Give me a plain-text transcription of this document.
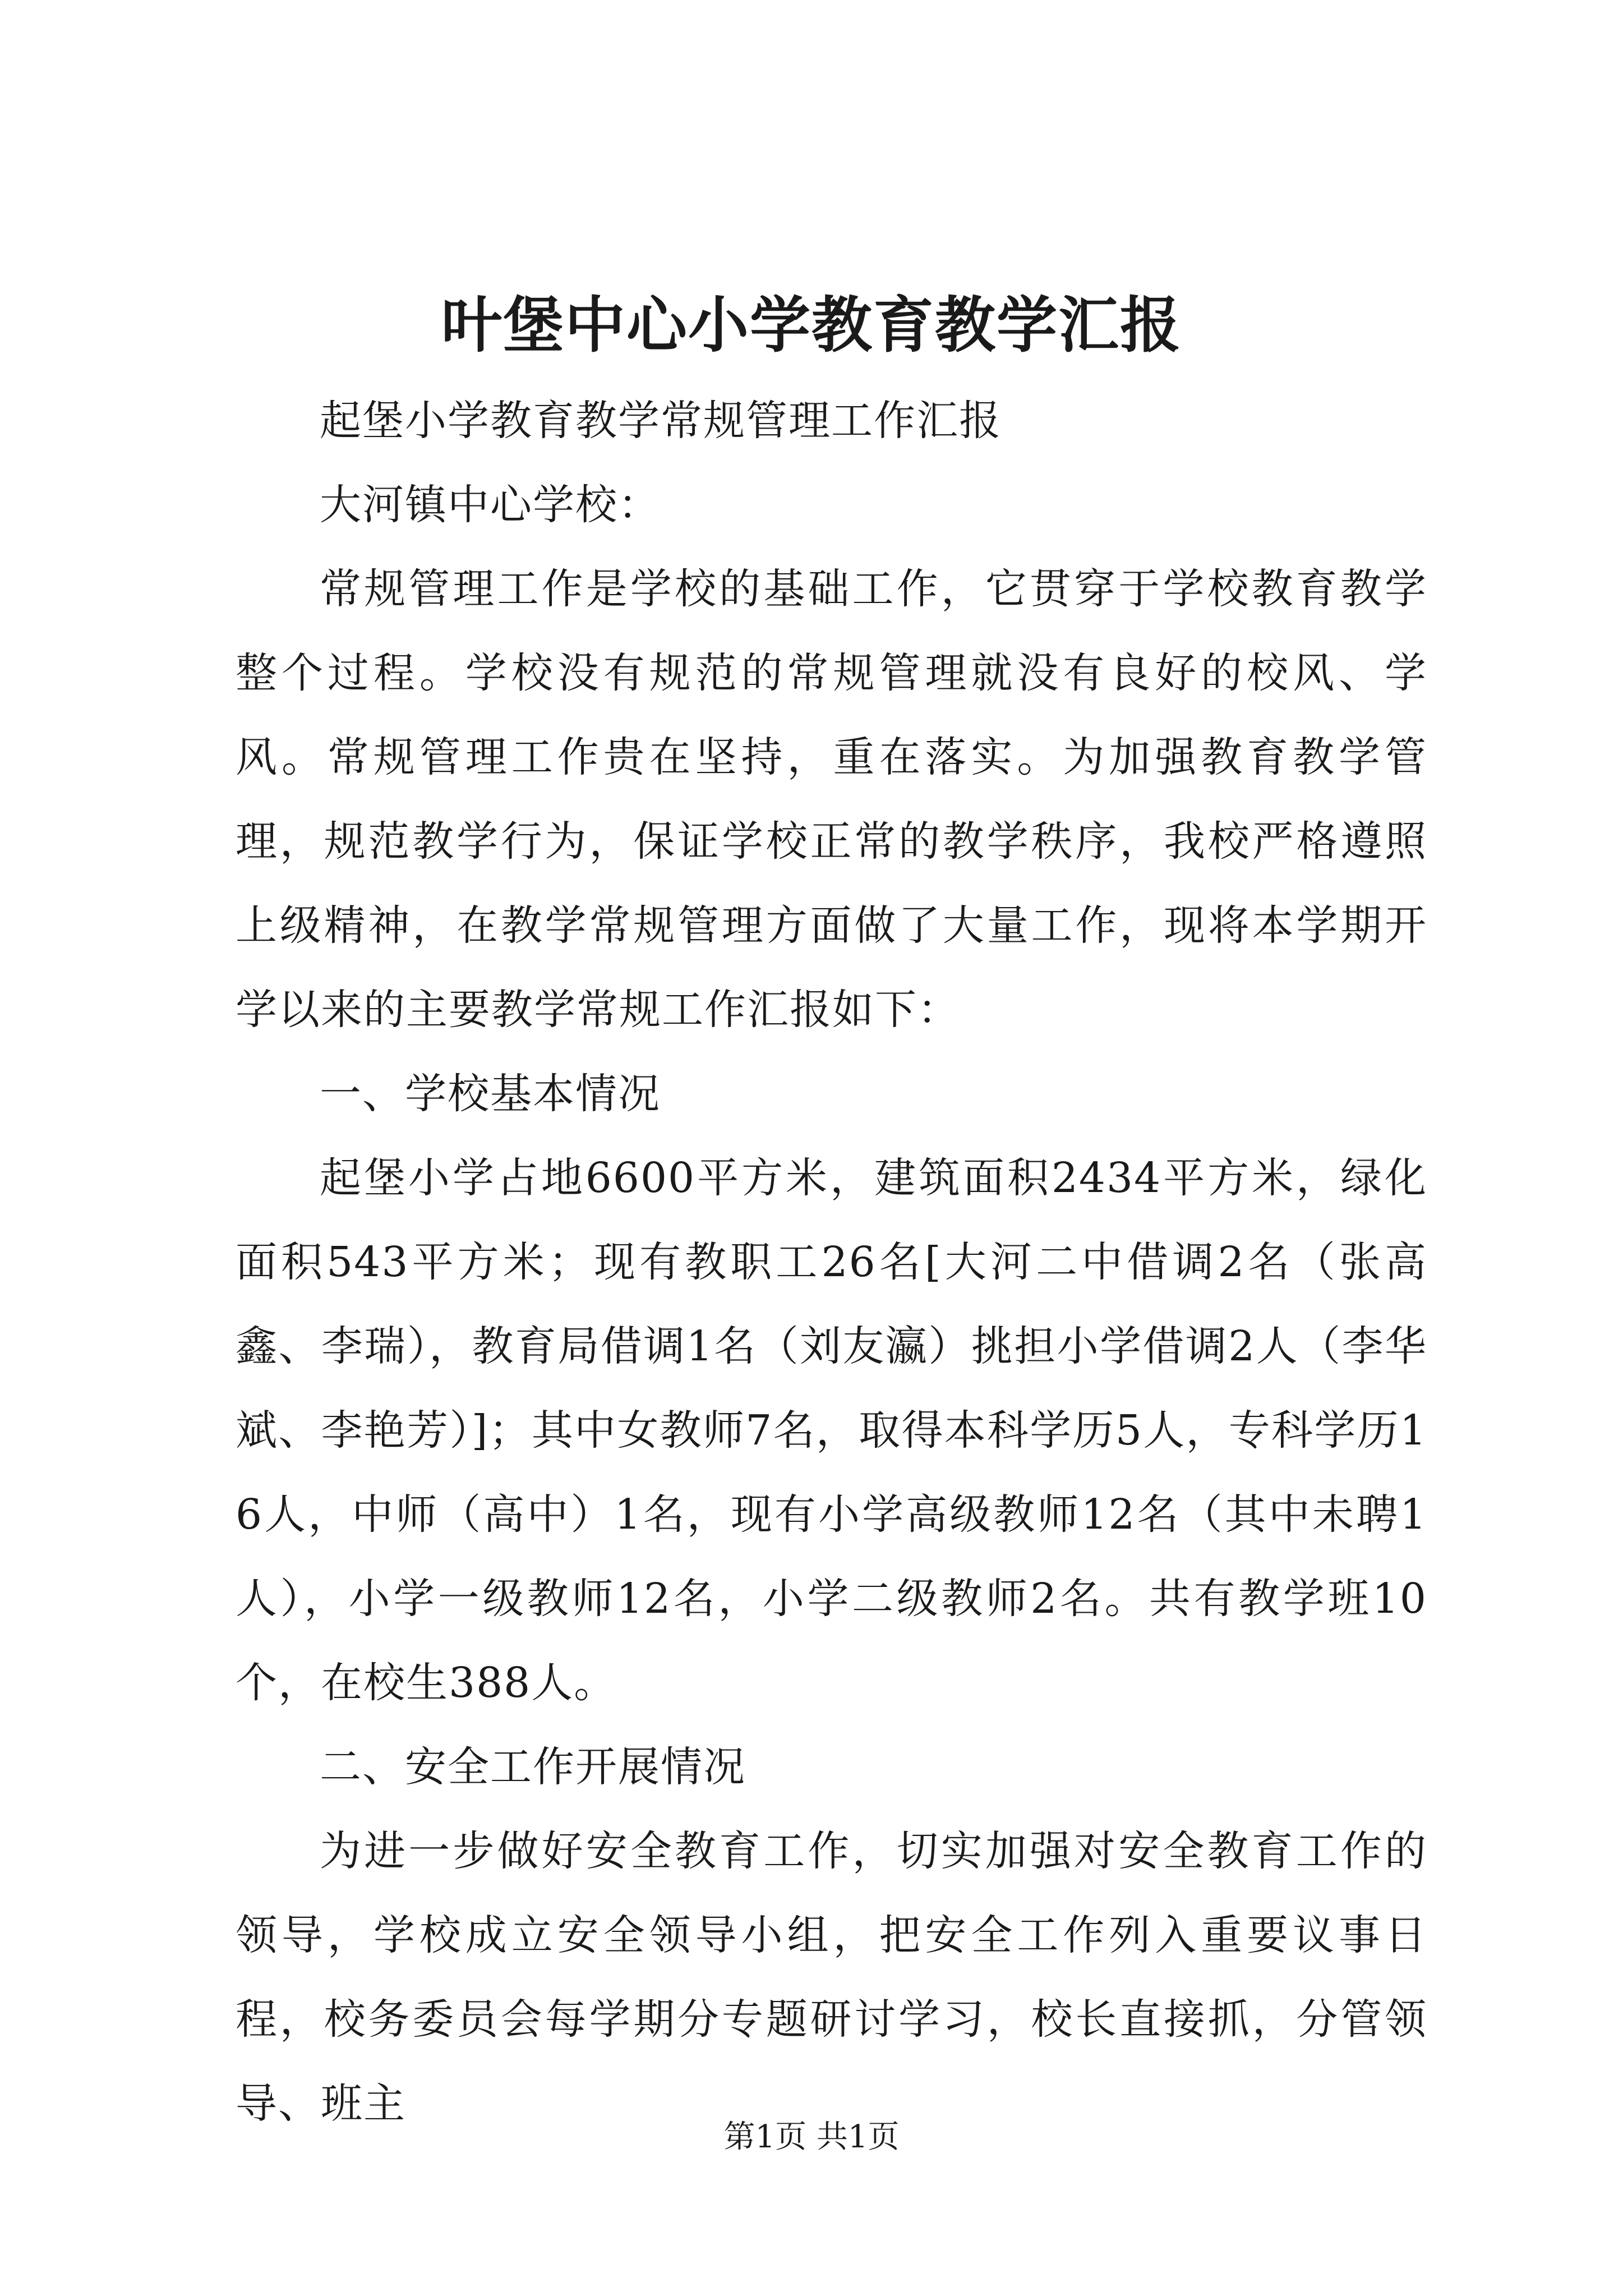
叶堡中心小学教育教学汇报

起堡小学教育教学常规管理工作汇报

大河镇中心学校：

常规管理工作是学校的基础工作，它贯穿于学校教育教学整个过程。学校没有规范的常规管理就没有良好的校风、学风。常规管理工作贵在坚持，重在落实。为加强教育教学管理，规范教学行为，保证学校正常的教学秩序，我校严格遵照上级精神，在教学常规管理方面做了大量工作，现将本学期开学以来的主要教学常规工作汇报如下：

一、学校基本情况

起堡小学占地6600平方米，建筑面积2434平方米，绿化面积543平方米；现有教职工26名[大河二中借调2名（张高鑫、李瑞），教育局借调1名（刘友瀛）挑担小学借调2人（李华斌、李艳芳）]；其中女教师7名，取得本科学历5人，专科学历16人，中师（高中）1名，现有小学高级教师12名（其中未聘1人），小学一级教师12名，小学二级教师2名。共有教学班10个，在校生388人。

二、安全工作开展情况

为进一步做好安全教育工作，切实加强对安全教育工作的领导，学校成立安全领导小组，把安全工作列入重要议事日程，校务委员会每学期分专题研讨学习，校长直接抓，分管领导、班主

第1页 共1页
